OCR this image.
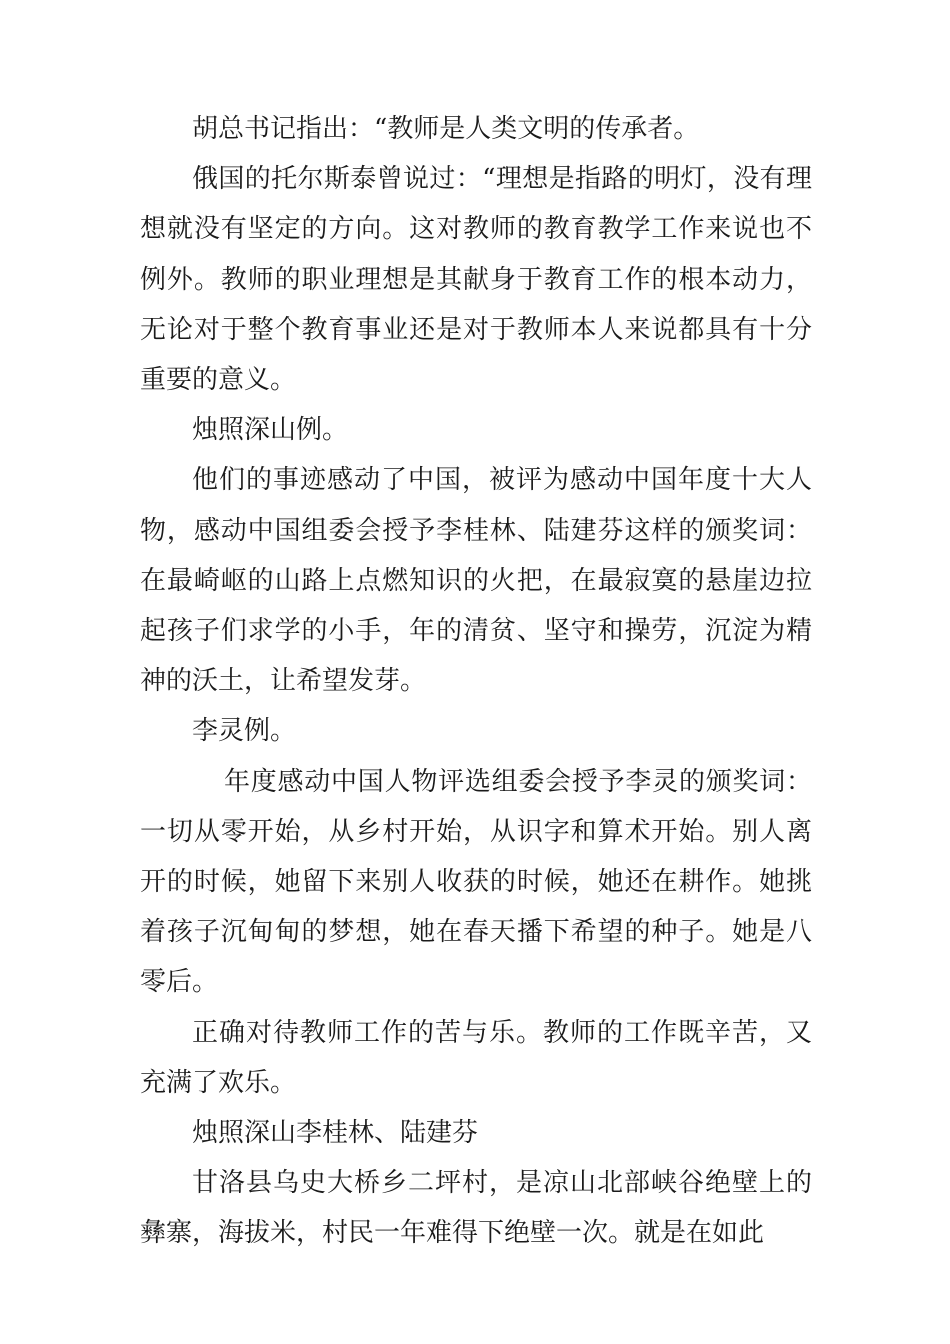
胡总书记指出：“教师是人类文明的传承者。

俄国的托尔斯泰曾说过：“理想是指路的明灯，没有理想就没有坚定的方向。这对教师的教育教学工作来说也不例外。教师的职业理想是其献身于教育工作的根本动力，无论对于整个教育事业还是对于教师本人来说都具有十分重要的意义。

烛照深山例。

他们的事迹感动了中国，被评为感动中国年度十大人物，感动中国组委会授予李桂林、陆建芬这样的颁奖词：在最崎岖的山路上点燃知识的火把，在最寂寞的悬崖边拉起孩子们求学的小手，年的清贫、坚守和操劳，沉淀为精神的沃土，让希望发芽。

李灵例。

年度感动中国人物评选组委会授予李灵的颁奖词：一切从零开始，从乡村开始，从识字和算术开始。别人离开的时候，她留下来别人收获的时候，她还在耕作。她挑着孩子沉甸甸的梦想，她在春天播下希望的种子。她是八零后。

正确对待教师工作的苦与乐。教师的工作既辛苦，又充满了欢乐。

烛照深山李桂林、陆建芬

甘洛县乌史大桥乡二坪村，是凉山北部峡谷绝壁上的彝寨，海拔米，村民一年难得下绝壁一次。就是在如此
